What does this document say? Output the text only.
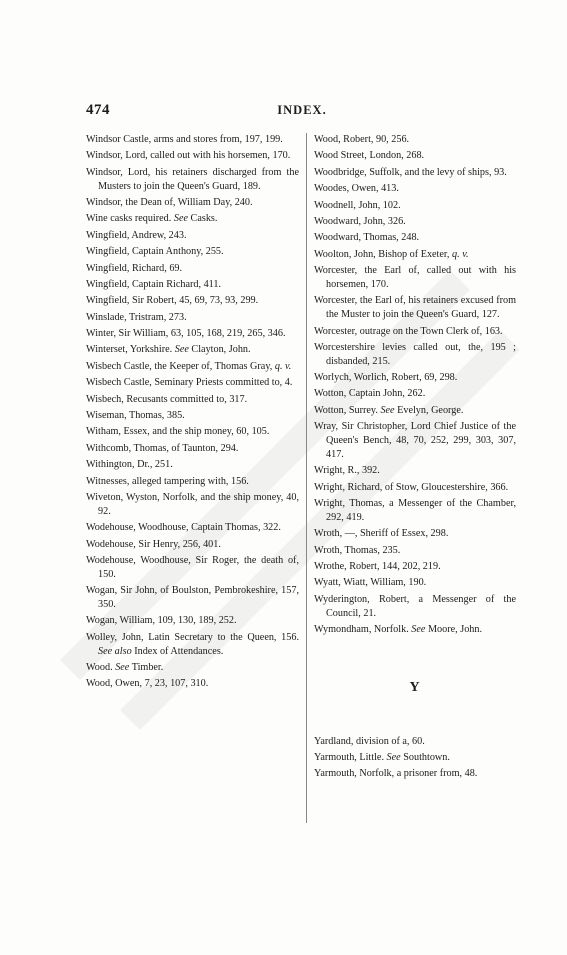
474	INDEX.
Windsor Castle, arms and stores from, 197, 199.
Windsor, Lord, called out with his horsemen, 170.
Windsor, Lord, his retainers discharged from the Musters to join the Queen's Guard, 189.
Windsor, the Dean of, William Day, 240.
Wine casks required. See Casks.
Wingfield, Andrew, 243.
Wingfield, Captain Anthony, 255.
Wingfield, Richard, 69.
Wingfield, Captain Richard, 411.
Wingfield, Sir Robert, 45, 69, 73, 93, 299.
Winslade, Tristram, 273.
Winter, Sir William, 63, 105, 168, 219, 265, 346.
Winterset, Yorkshire. See Clayton, John.
Wisbech Castle, the Keeper of, Thomas Gray, q. v.
Wisbech Castle, Seminary Priests committed to, 4.
Wisbech, Recusants committed to, 317.
Wiseman, Thomas, 385.
Witham, Essex, and the ship money, 60, 105.
Withcomb, Thomas, of Taunton, 294.
Withington, Dr., 251.
Witnesses, alleged tampering with, 156.
Wiveton, Wyston, Norfolk, and the ship money, 40, 92.
Wodehouse, Woodhouse, Captain Thomas, 322.
Wodehouse, Sir Henry, 256, 401.
Wodehouse, Woodhouse, Sir Roger, the death of, 150.
Wogan, Sir John, of Boulston, Pembrokeshire, 157, 350.
Wogan, William, 109, 130, 189, 252.
Wolley, John, Latin Secretary to the Queen, 156. See also Index of Attendances.
Wood. See Timber.
Wood, Owen, 7, 23, 107, 310.
Wood, Robert, 90, 256.
Wood Street, London, 268.
Woodbridge, Suffolk, and the levy of ships, 93.
Woodes, Owen, 413.
Woodnell, John, 102.
Woodward, John, 326.
Woodward, Thomas, 248.
Woolton, John, Bishop of Exeter, q. v.
Worcester, the Earl of, called out with his horsemen, 170.
Worcester, the Earl of, his retainers excused from the Muster to join the Queen's Guard, 127.
Worcester, outrage on the Town Clerk of, 163.
Worcestershire levies called out, the, 195 ; disbanded, 215.
Worlych, Worlich, Robert, 69, 298.
Wotton, Captain John, 262.
Wotton, Surrey. See Evelyn, George.
Wray, Sir Christopher, Lord Chief Justice of the Queen's Bench, 48, 70, 252, 299, 303, 307, 417.
Wright, R., 392.
Wright, Richard, of Stow, Gloucestershire, 366.
Wright, Thomas, a Messenger of the Chamber, 292, 419.
Wroth, —, Sheriff of Essex, 298.
Wroth, Thomas, 235.
Wrothe, Robert, 144, 202, 219.
Wyatt, Wiatt, William, 190.
Wyderington, Robert, a Messenger of the Council, 21.
Wymondham, Norfolk. See Moore, John.
Y
Yardland, division of a, 60.
Yarmouth, Little. See Southtown.
Yarmouth, Norfolk, a prisoner from, 48.
